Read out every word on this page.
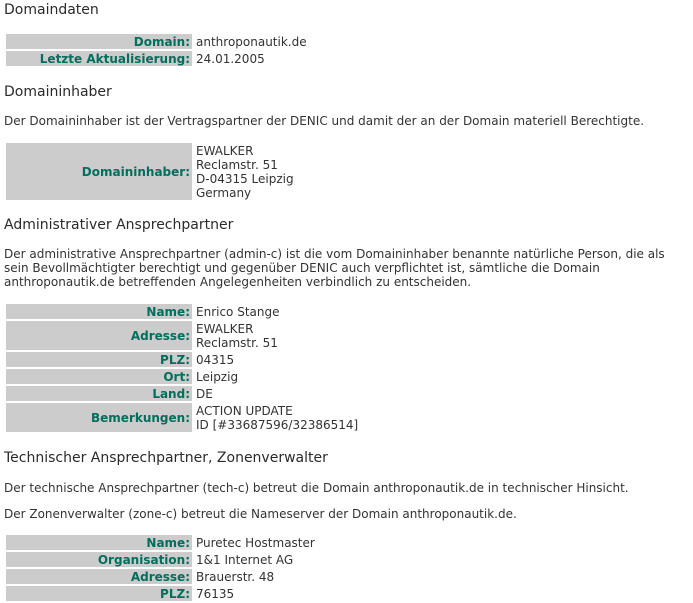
Domaindaten
Domain:	anthroponautik.de

Letzte Aktualisierung:	24.01.2005
Domaininhaber

Der Domaininhaber ist der Vertragspartner der DENIC und damit der an der Domain materiell Berechtigte.

Domaininhaber:	
EWALKER
Reclamstr. 51
D-04315 Leipzig
Germany
Administrativer Ansprechpartner

Der administrative Ansprechpartner (admin-c) ist die vom Domaininhaber benannte natürliche Person, die als sein Bevollmächtigter berechtigt und gegenüber DENIC auch verpflichtet ist, sämtliche die Domain anthroponautik.de betreffenden Angelegenheiten verbindlich zu entscheiden.

Name:	Enrico Stange

Adresse:	EWALKER
Reclamstr. 51

PLZ:	04315

Ort:	Leipzig

Land:	DE

Bemerkungen:	ACTION UPDATE
ID [#33687596/32386514]
Technischer Ansprechpartner, Zonenverwalter

Der technische Ansprechpartner (tech-c) betreut die Domain anthroponautik.de in technischer Hinsicht.

Der Zonenverwalter (zone-c) betreut die Nameserver der Domain anthroponautik.de.

Name:	Puretec Hostmaster

Organisation:	1&1 Internet AG

Adresse:	Brauerstr. 48

PLZ:	76135
